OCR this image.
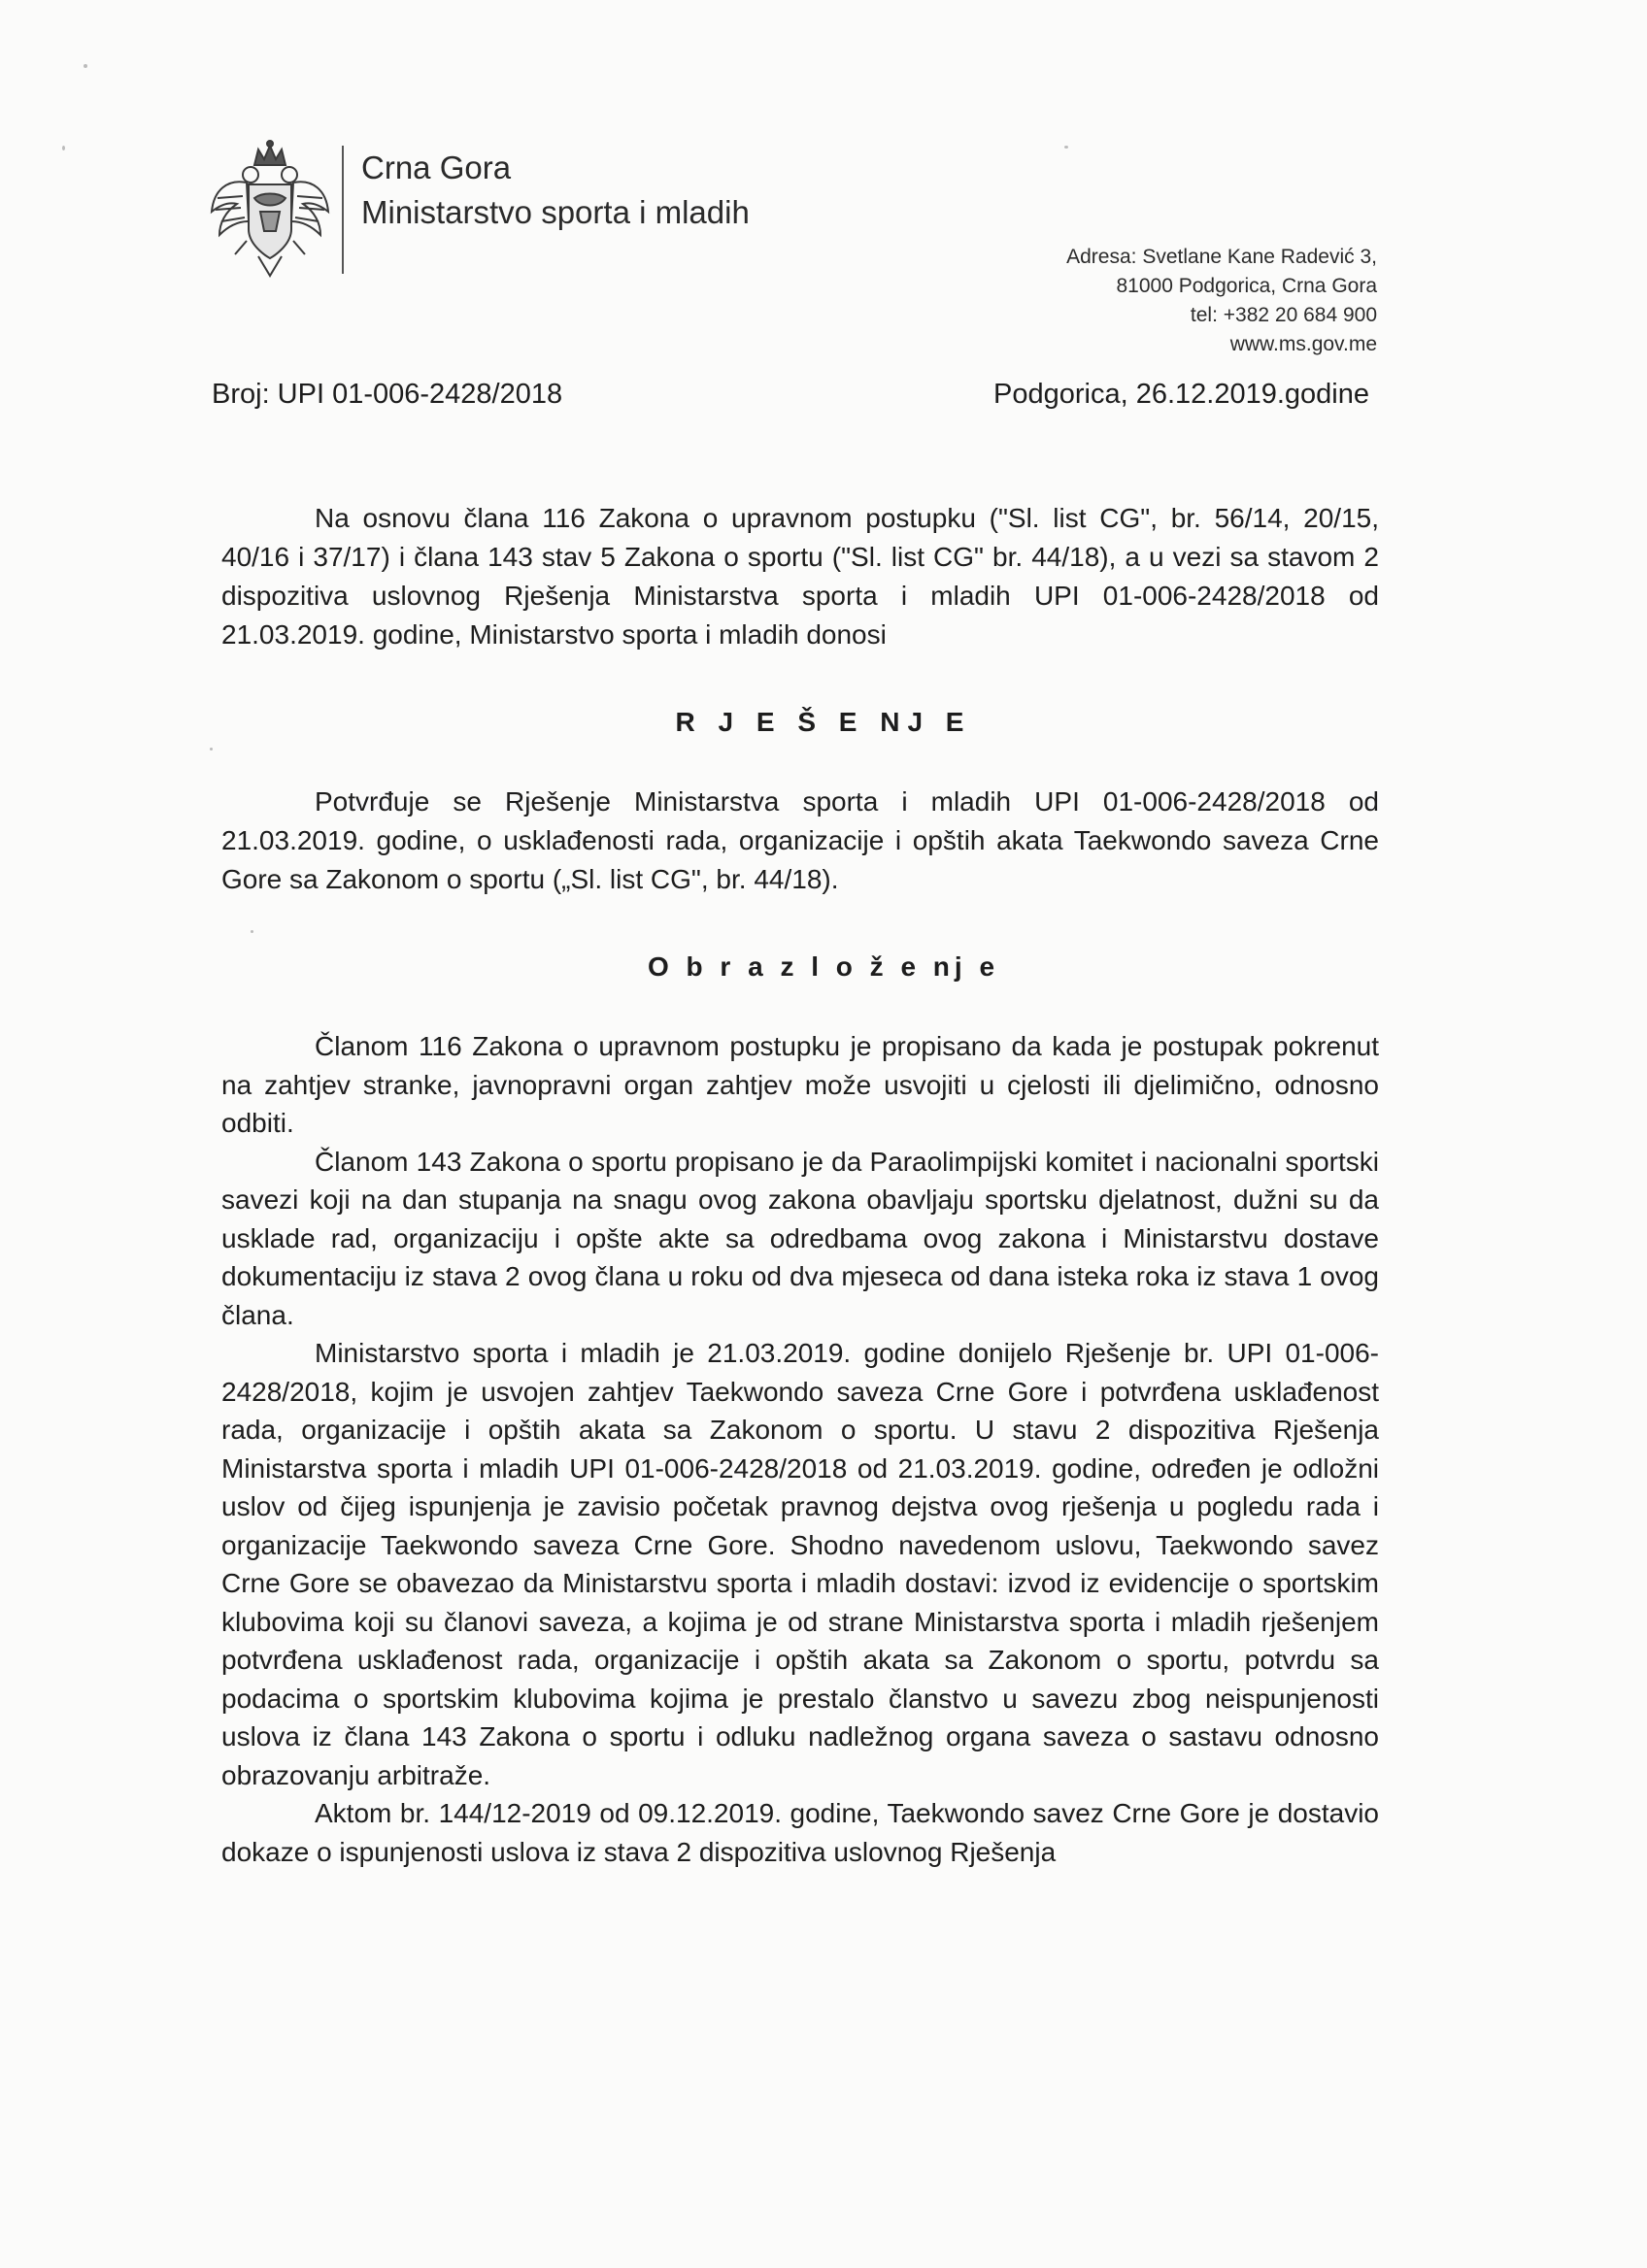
Crna Gora
Ministarstvo sporta i mladih
Adresa: Svetlane Kane Radević 3,
81000 Podgorica, Crna Gora
tel: +382 20 684 900
www.ms.gov.me
Broj: UPI 01-006-2428/2018	Podgorica, 26.12.2019.godine

Na osnovu člana 116 Zakona o upravnom postupku ("Sl. list CG", br. 56/14, 20/15, 40/16 i 37/17) i člana 143 stav 5 Zakona o sportu ("Sl. list CG" br. 44/18), a u vezi sa stavom 2 dispozitiva uslovnog Rješenja Ministarstva sporta i mladih UPI 01-006-2428/2018 od 21.03.2019. godine, Ministarstvo sporta i mladih donosi

R J E Š E NJ E

Potvrđuje se Rješenje Ministarstva sporta i mladih UPI 01-006-2428/2018 od 21.03.2019. godine, o usklađenosti rada, organizacije i opštih akata Taekwondo saveza Crne Gore sa Zakonom o sportu („Sl. list CG", br. 44/18).

O b r a z l o ž e nj e

Članom 116 Zakona o upravnom postupku je propisano da kada je postupak pokrenut na zahtjev stranke, javnopravni organ zahtjev može usvojiti u cjelosti ili djelimično, odnosno odbiti.

Članom 143 Zakona o sportu propisano je da Paraolimpijski komitet i nacionalni sportski savezi koji na dan stupanja na snagu ovog zakona obavljaju sportsku djelatnost, dužni su da usklade rad, organizaciju i opšte akte sa odredbama ovog zakona i Ministarstvu dostave dokumentaciju iz stava 2 ovog člana u roku od dva mjeseca od dana isteka roka iz stava 1 ovog člana.

Ministarstvo sporta i mladih je 21.03.2019. godine donijelo Rješenje br. UPI 01-006-2428/2018, kojim je usvojen zahtjev Taekwondo saveza Crne Gore i potvrđena usklađenost rada, organizacije i opštih akata sa Zakonom o sportu. U stavu 2 dispozitiva Rješenja Ministarstva sporta i mladih UPI 01-006-2428/2018 od 21.03.2019. godine, određen je odložni uslov od čijeg ispunjenja je zavisio početak pravnog dejstva ovog rješenja u pogledu rada i organizacije Taekwondo saveza Crne Gore. Shodno navedenom uslovu, Taekwondo savez Crne Gore se obavezao da Ministarstvu sporta i mladih dostavi: izvod iz evidencije o sportskim klubovima koji su članovi saveza, a kojima je od strane Ministarstva sporta i mladih rješenjem potvrđena usklađenost rada, organizacije i opštih akata sa Zakonom o sportu, potvrdu sa podacima o sportskim klubovima kojima je prestalo članstvo u savezu zbog neispunjenosti uslova iz člana 143 Zakona o sportu i odluku nadležnog organa saveza o sastavu odnosno obrazovanju arbitraže.

Aktom br. 144/12-2019 od 09.12.2019. godine, Taekwondo savez Crne Gore je dostavio dokaze o ispunjenosti uslova iz stava 2 dispozitiva uslovnog Rješenja
